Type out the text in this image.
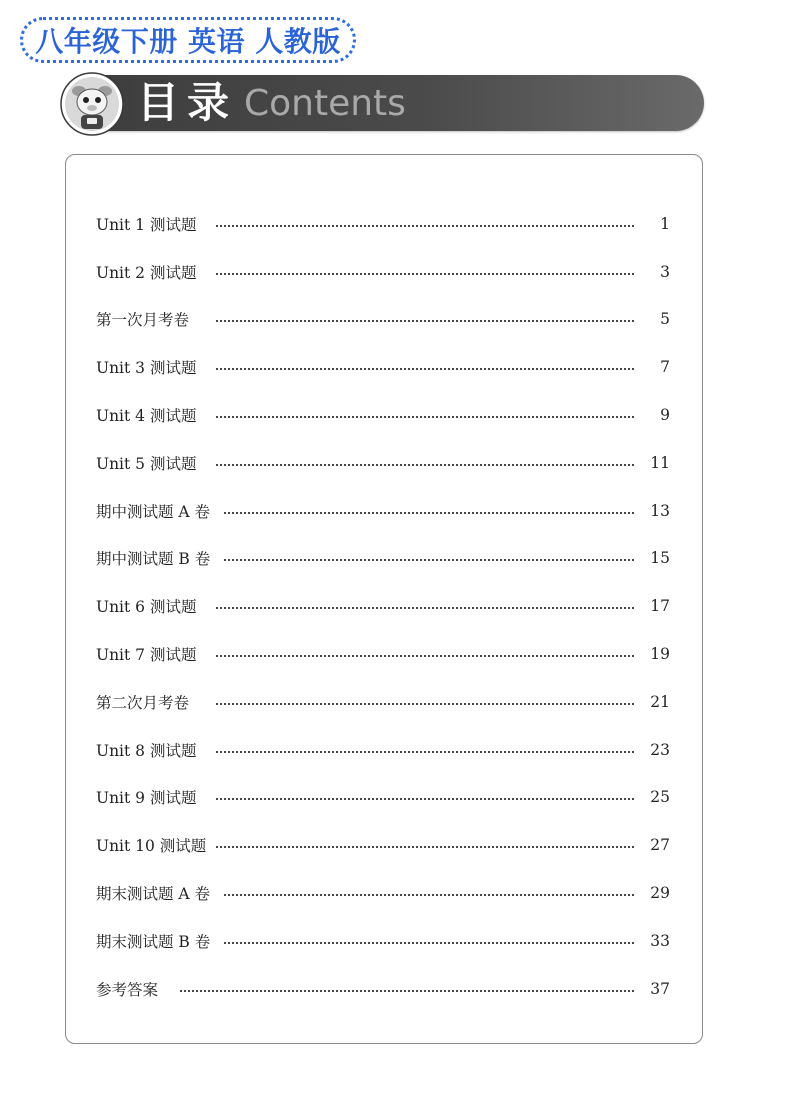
八年级下册 英语 人教版
目录 Contents
Unit 1 测试题	1
Unit 2 测试题	3
第一次月考卷	5
Unit 3 测试题	7
Unit 4 测试题	9
Unit 5 测试题	11
期中测试题 A 卷	13
期中测试题 B 卷	15
Unit 6 测试题	17
Unit 7 测试题	19
第二次月考卷	21
Unit 8 测试题	23
Unit 9 测试题	25
Unit 10 测试题	27
期末测试题 A 卷	29
期末测试题 B 卷	33
参考答案	37
